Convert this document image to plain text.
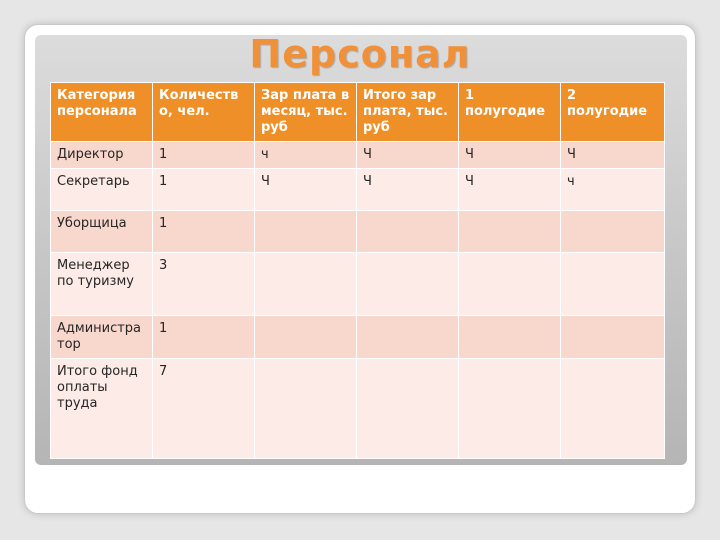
Персонал
Категория персонала	Количеств о, чел.	Зар плата в месяц, тыс. руб	Итого зар плата, тыс. руб	1 полугодие	2 полугодие
Директор	1	ч	Ч	Ч	Ч
Секретарь	1	Ч	Ч	Ч	ч
Уборщица	1				
Менеджер по туризму	3				
Администра тор	1				
Итого фонд оплаты труда	7				
